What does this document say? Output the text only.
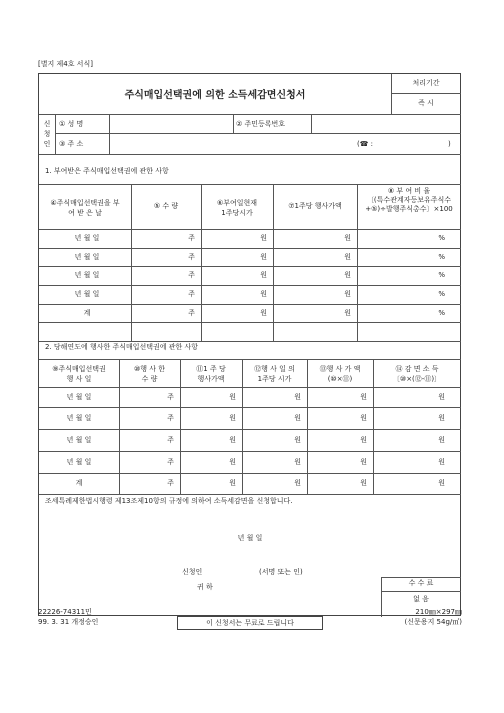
[별지 제4호 서식]
주식매입선택권에 의한 소득세감면신청서
처리기간
즉 시
신
청
인
① 성 명	② 주민등록번호
③ 주 소	(☎ :	)
1. 부여받은 주식매입선택권에 관한 사항
④주식매입선택권을 부
여 받 은 날
⑤ 수 량	⑥부여일현재
1주당시가
⑦1주당 행사가액
⑧ 부 여 비 율
〔(특수관계자등보유주식수+⑤)÷발행주식총수〕×100
년 월 일	주	원	원	%
년 월 일	주	원	원	%
년 월 일	주	원	원	%
년 월 일	주	원	원	%
계	주	원	원	%
2. 당해연도에 행사한 주식매입선택권에 관한 사항
⑨주식매입선택권
행 사 일
⑩행 사 한
수 량
⑪1 주 당
행사가액
⑫행 사 일 의
1주당 시가
⑬행 사 가 액
(⑩×⑪)
⑭ 감 면 소 득
〔⑩×(⑫-⑪)〕
년 월 일	주	원	원	원	원
년 월 일	주	원	원	원	원
년 월 일	주	원	원	원	원
년 월 일	주	원	원	원	원
계	주	원	원	원	원
조세특례제한법시행령 제13조제10항의 규정에 의하여 소득세감면을 신청합니다.
년 월 일
신청인	(서명 또는 인)
귀 하	수 수 료
없 음
22226-74311민
99. 3. 31 개정승인	이 신청서는 무료로 드립니다
210㎜×297㎜
(신문용지 54g/㎡)
